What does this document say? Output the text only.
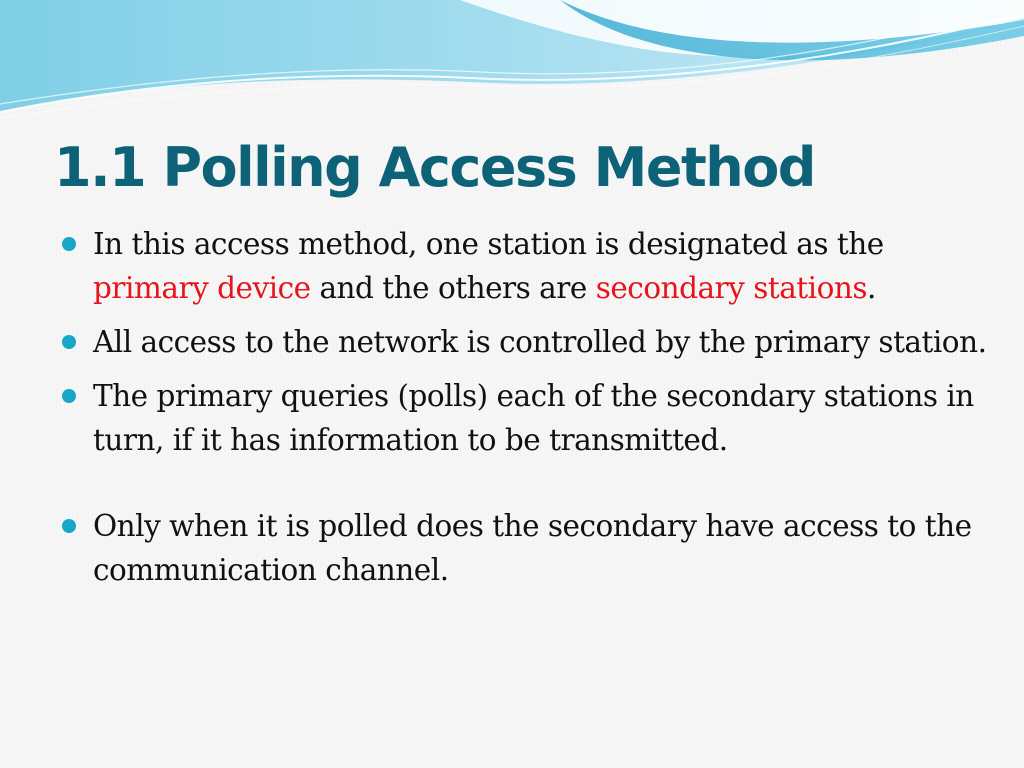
1.1 Polling Access Method
In this access method, one station is designated as the primary device and the others are secondary stations.
All access to the network is controlled by the primary station.
The primary queries (polls) each of the secondary stations in turn, if it has information to be transmitted.
Only when it is polled does the secondary have access to the communication channel.
